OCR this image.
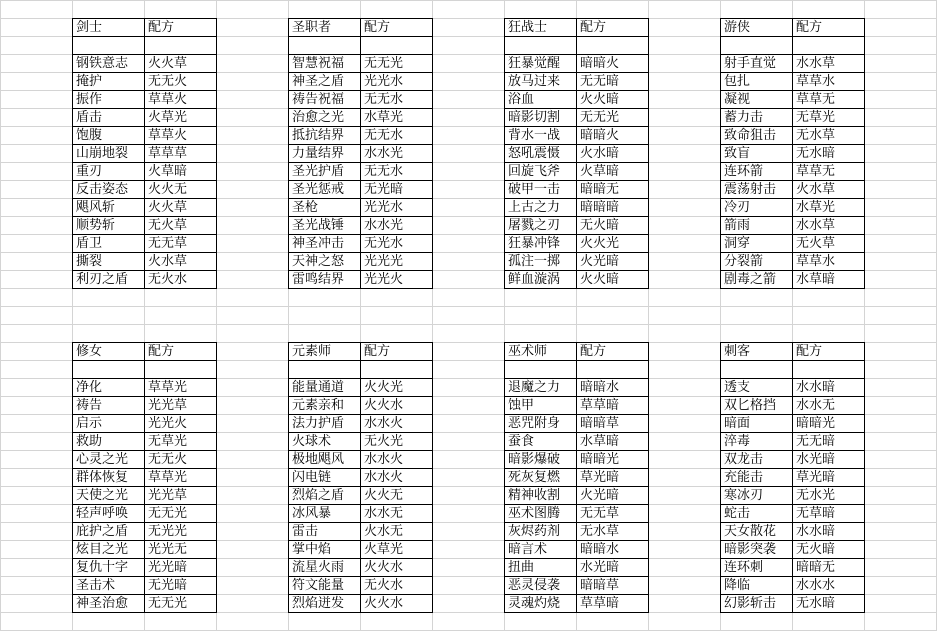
剑士	配方
钢铁意志	火火草
掩护	无无火
振作	草草火
盾击	火草光
饱腹	草草火
山崩地裂	草草草
重刃	火草暗
反击姿态	火火无
飓风斩	火火草
顺势斩	无火草
盾卫	无无草
撕裂	火水草
利刃之盾	无火水
圣职者	配方
智慧祝福	无无光
神圣之盾	光光水
祷告祝福	无无水
治愈之光	水草光
抵抗结界	无无水
力量结界	水水光
圣光护盾	无无水
圣光惩戒	无光暗
圣枪	光光水
圣光战锤	水水光
神圣冲击	无光水
天神之怒	光光光
雷鸣结界	光光火
狂战士	配方
狂暴觉醒	暗暗火
放马过来	无无暗
浴血	火火暗
暗影切割	无无光
背水一战	暗暗火
怒吼震慑	火水暗
回旋飞斧	火草暗
破甲一击	暗暗无
上古之力	暗暗暗
屠戮之刃	无火暗
狂暴冲锋	火火光
孤注一掷	火光暗
鲜血漩涡	火火暗
游侠	配方
射手直觉	水水草
包扎	草草水
凝视	草草无
蓄力击	无草光
致命狙击	无水草
致盲	无水暗
连环箭	草草无
震荡射击	火水草
冷刃	水草光
箭雨	水水草
洞穿	无火草
分裂箭	草草水
剧毒之箭	水草暗
修女	配方
净化	草草光
祷告	光光草
启示	光光火
救助	无草光
心灵之光	无无火
群体恢复	草草光
天使之光	光光草
轻声呼唤	无无光
庇护之盾	无光光
炫目之光	光光无
复仇十字	光光暗
圣击术	无光暗
神圣治愈	无无光
元素师	配方
能量通道	火火光
元素亲和	火火水
法力护盾	水水火
火球术	无火光
极地飓风	水水火
闪电链	水水火
烈焰之盾	火火无
冰风暴	水水无
雷击	火水无
掌中焰	火草光
流星火雨	火火水
符文能量	无火水
烈焰迸发	火火水
巫术师	配方
退魔之力	暗暗水
蚀甲	草草暗
恶咒附身	暗暗草
蚕食	水草暗
暗影爆破	暗暗光
死灰复燃	草光暗
精神收割	火光暗
巫术图腾	无无草
灰烬药剂	无水草
暗言术	暗暗水
扭曲	水光暗
恶灵侵袭	暗暗草
灵魂灼烧	草草暗
刺客	配方
透支	水水暗
双匕格挡	水水无
暗面	暗暗光
淬毒	无无暗
双龙击	水光暗
充能击	草光暗
寒冰刃	无水光
蛇击	无草暗
天女散花	水水暗
暗影突袭	无火暗
连环刺	暗暗无
降临	水水水
幻影斩击	无水暗
